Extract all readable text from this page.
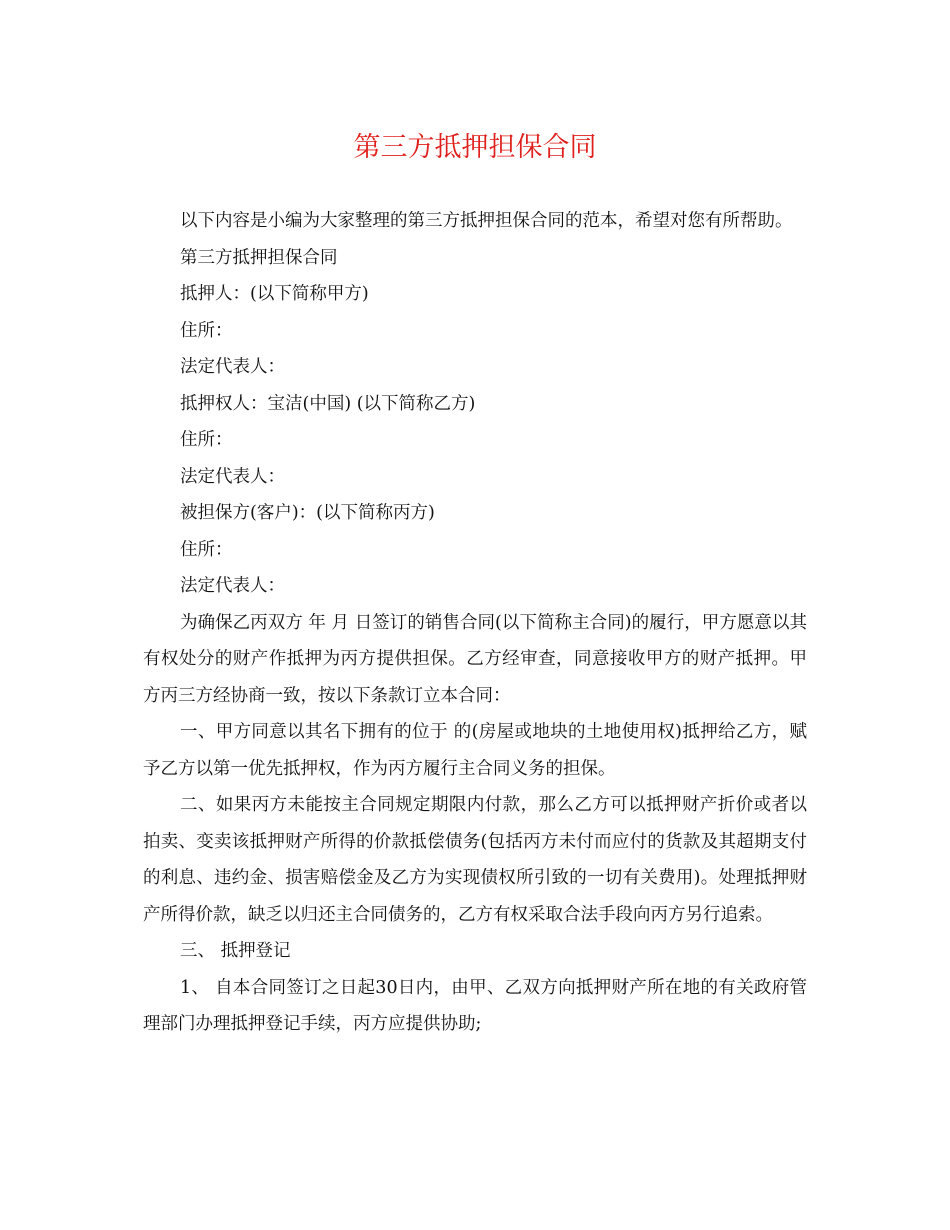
第三方抵押担保合同

以下内容是小编为大家整理的第三方抵押担保合同的范本，希望对您有所帮助。

第三方抵押担保合同

抵押人：(以下简称甲方)

住所：

法定代表人：

抵押权人：宝洁(中国) (以下简称乙方)

住所：

法定代表人：

被担保方(客户)：(以下简称丙方)

住所：

法定代表人：

为确保乙丙双方 年 月 日签订的销售合同(以下简称主合同)的履行，甲方愿意以其有权处分的财产作抵押为丙方提供担保。乙方经审查，同意接收甲方的财产抵押。甲方丙三方经协商一致，按以下条款订立本合同：

一、甲方同意以其名下拥有的位于 的(房屋或地块的土地使用权)抵押给乙方，赋予乙方以第一优先抵押权，作为丙方履行主合同义务的担保。

二、如果丙方未能按主合同规定期限内付款，那么乙方可以抵押财产折价或者以拍卖、变卖该抵押财产所得的价款抵偿债务(包括丙方未付而应付的货款及其超期支付的利息、违约金、损害赔偿金及乙方为实现债权所引致的一切有关费用)。处理抵押财产所得价款，缺乏以归还主合同债务的，乙方有权采取合法手段向丙方另行追索。

三、 抵押登记

1、 自本合同签订之日起30日内，由甲、乙双方向抵押财产所在地的有关政府管理部门办理抵押登记手续，丙方应提供协助;
